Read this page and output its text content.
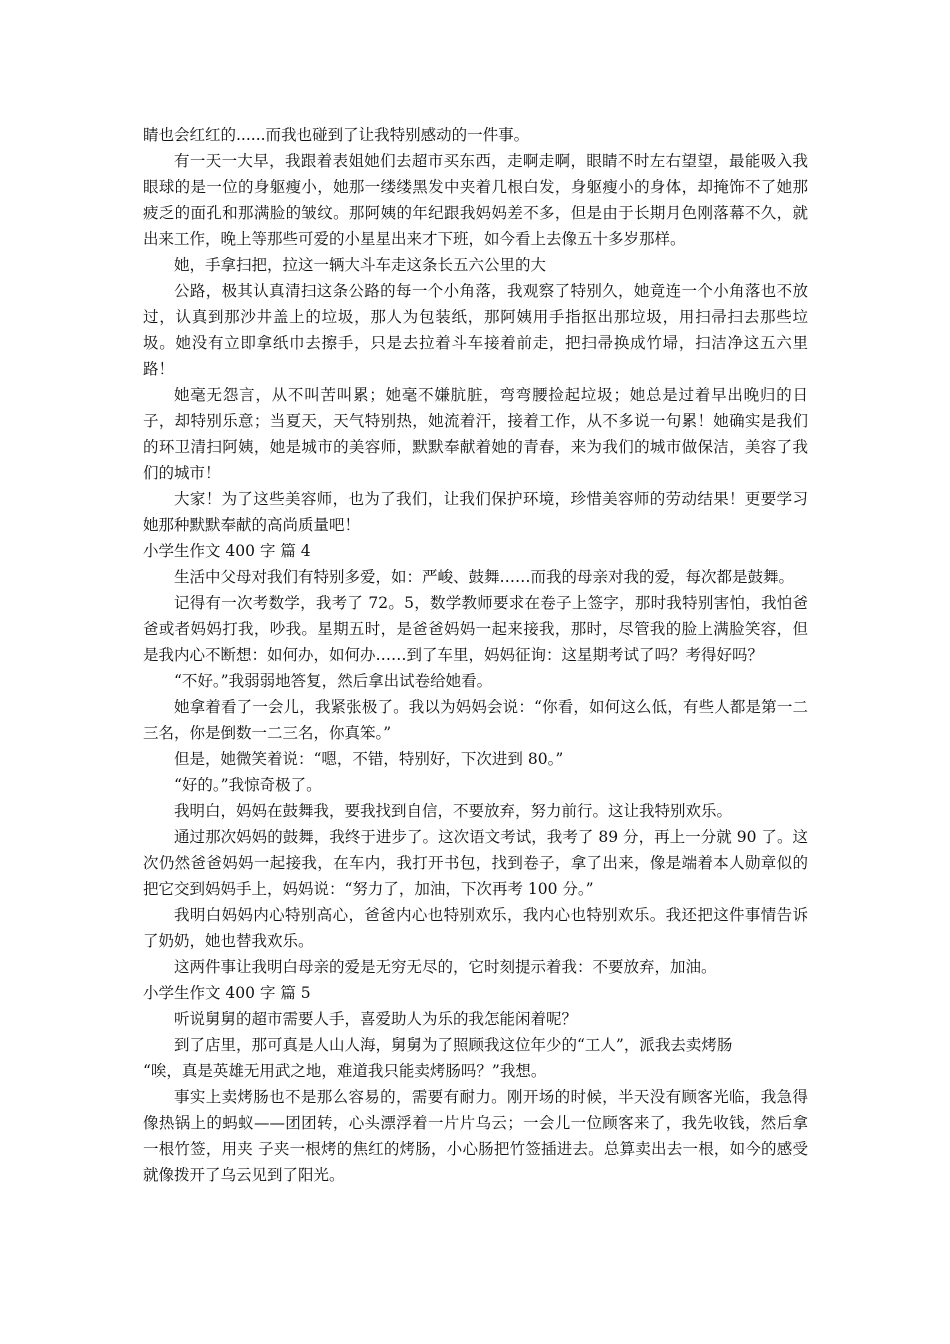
睛也会红红的......而我也碰到了让我特别感动的一件事。

有一天一大早，我跟着表姐她们去超市买东西，走啊走啊，眼睛不时左右望望，最能吸入我眼球的是一位的身躯瘦小，她那一缕缕黑发中夹着几根白发，身躯瘦小的身体，却掩饰不了她那疲乏的面孔和那满脸的皱纹。那阿姨的年纪跟我妈妈差不多，但是由于长期月色刚落幕不久，就出来工作，晚上等那些可爱的小星星出来才下班，如今看上去像五十多岁那样。

她，手拿扫把，拉这一辆大斗车走这条长五六公里的大

公路，极其认真清扫这条公路的每一个小角落，我观察了特别久，她竟连一个小角落也不放过，认真到那沙井盖上的垃圾，那人为包装纸，那阿姨用手指抠出那垃圾，用扫帚扫去那些垃圾。她没有立即拿纸巾去擦手，只是去拉着斗车接着前走，把扫帚换成竹埽，扫洁净这五六里路！

她毫无怨言，从不叫苦叫累；她毫不嫌肮脏，弯弯腰捡起垃圾；她总是过着早出晚归的日子，却特别乐意；当夏天，天气特别热，她流着汗，接着工作，从不多说一句累！她确实是我们的环卫清扫阿姨，她是城市的美容师，默默奉献着她的青春，来为我们的城市做保洁，美容了我们的城市！

大家！为了这些美容师，也为了我们，让我们保护环境，珍惜美容师的劳动结果！更要学习她那种默默奉献的高尚质量吧！

小学生作文 400 字 篇 4

生活中父母对我们有特别多爱，如：严峻、鼓舞……而我的母亲对我的爱，每次都是鼓舞。

记得有一次考数学，我考了 72。5，数学教师要求在卷子上签字，那时我特别害怕，我怕爸爸或者妈妈打我，吵我。星期五时，是爸爸妈妈一起来接我，那时，尽管我的脸上满脸笑容，但是我内心不断想：如何办，如何办……到了车里，妈妈征询：这星期考试了吗？考得好吗？

“不好。”我弱弱地答复，然后拿出试卷给她看。

她拿着看了一会儿，我紧张极了。我以为妈妈会说：“你看，如何这么低，有些人都是第一二三名，你是倒数一二三名，你真笨。”

但是，她微笑着说：“嗯，不错，特别好，下次进到 80。”

“好的。”我惊奇极了。

我明白，妈妈在鼓舞我，要我找到自信，不要放弃，努力前行。这让我特别欢乐。

通过那次妈妈的鼓舞，我终于进步了。这次语文考试，我考了 89 分，再上一分就 90 了。这次仍然爸爸妈妈一起接我，在车内，我打开书包，找到卷子，拿了出来，像是端着本人勋章似的把它交到妈妈手上，妈妈说：“努力了，加油，下次再考 100 分。”

我明白妈妈内心特别高心，爸爸内心也特别欢乐，我内心也特别欢乐。我还把这件事情告诉了奶奶，她也替我欢乐。

这两件事让我明白母亲的爱是无穷无尽的，它时刻提示着我：不要放弃，加油。

小学生作文 400 字 篇 5

听说舅舅的超市需要人手，喜爱助人为乐的我怎能闲着呢？

到了店里，那可真是人山人海，舅舅为了照顾我这位年少的“工人”，派我去卖烤肠

“唉，真是英雄无用武之地，难道我只能卖烤肠吗？”我想。

事实上卖烤肠也不是那么容易的，需要有耐力。刚开场的时候，半天没有顾客光临，我急得像热锅上的蚂蚁——团团转，心头漂浮着一片片乌云；一会儿一位顾客来了，我先收钱，然后拿一根竹签，用夹 子夹一根烤的焦红的烤肠，小心肠把竹签插进去。总算卖出去一根，如今的感受就像拨开了乌云见到了阳光。
